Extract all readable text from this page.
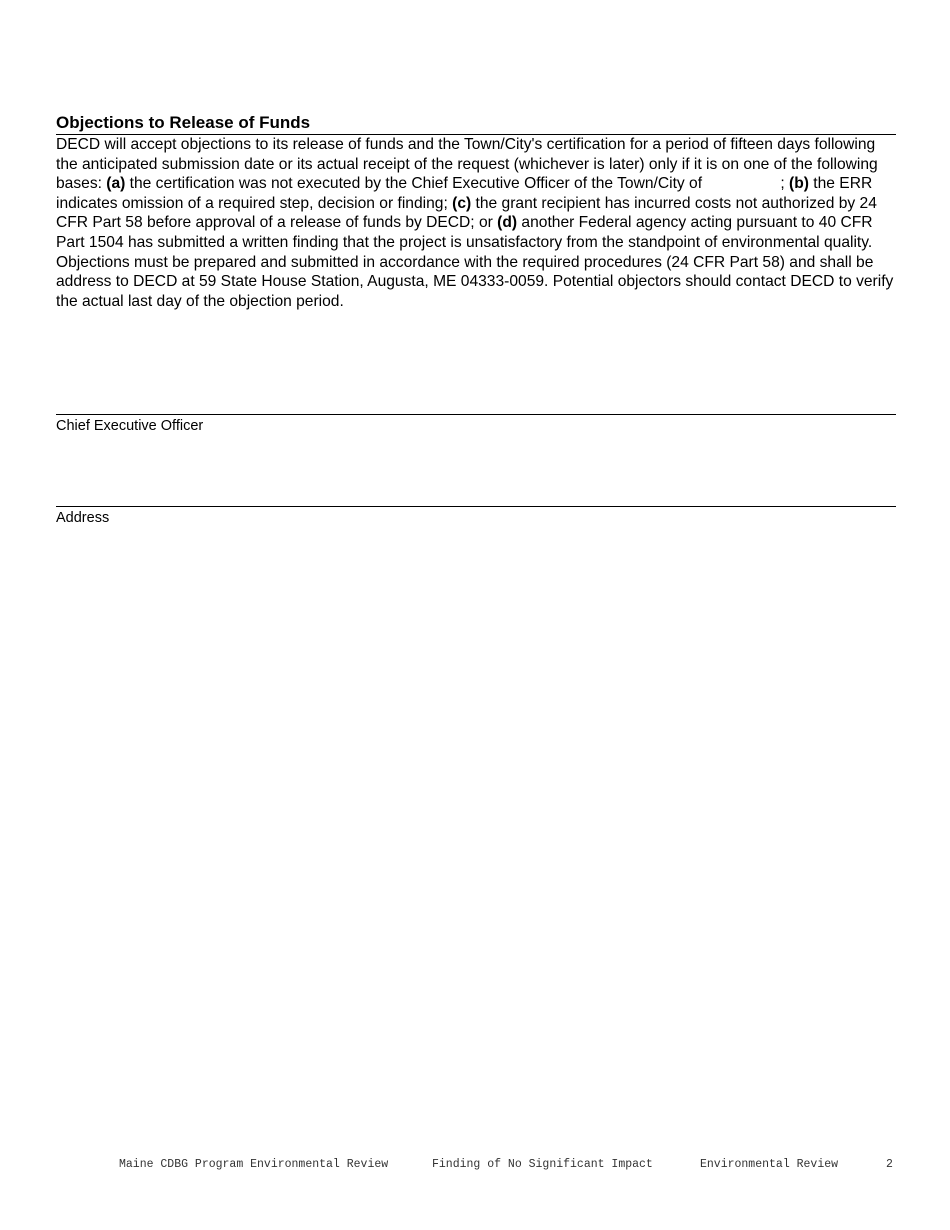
Objections to Release of Funds

DECD will accept objections to its release of funds and the Town/City's certification for a period of fifteen days following the anticipated submission date or its actual receipt of the request (whichever is later) only if it is on one of the following bases: (a) the certification was not executed by the Chief Executive Officer of the Town/City of	; (b) the ERR indicates omission of a required step, decision or finding; (c) the grant recipient has incurred costs not authorized by 24 CFR Part 58 before approval of a release of funds by DECD; or (d) another Federal agency acting pursuant to 40 CFR Part 1504 has submitted a written finding that the project is unsatisfactory from the standpoint of environmental quality. Objections must be prepared and submitted in accordance with the required procedures (24 CFR Part 58) and shall be address to DECD at 59 State House Station, Augusta, ME 04333-0059. Potential objectors should contact DECD to verify the actual last day of the objection period.

Chief Executive Officer
Address
Maine CDBG Program Environmental Review	Finding of No Significant Impact	Environmental Review	2
